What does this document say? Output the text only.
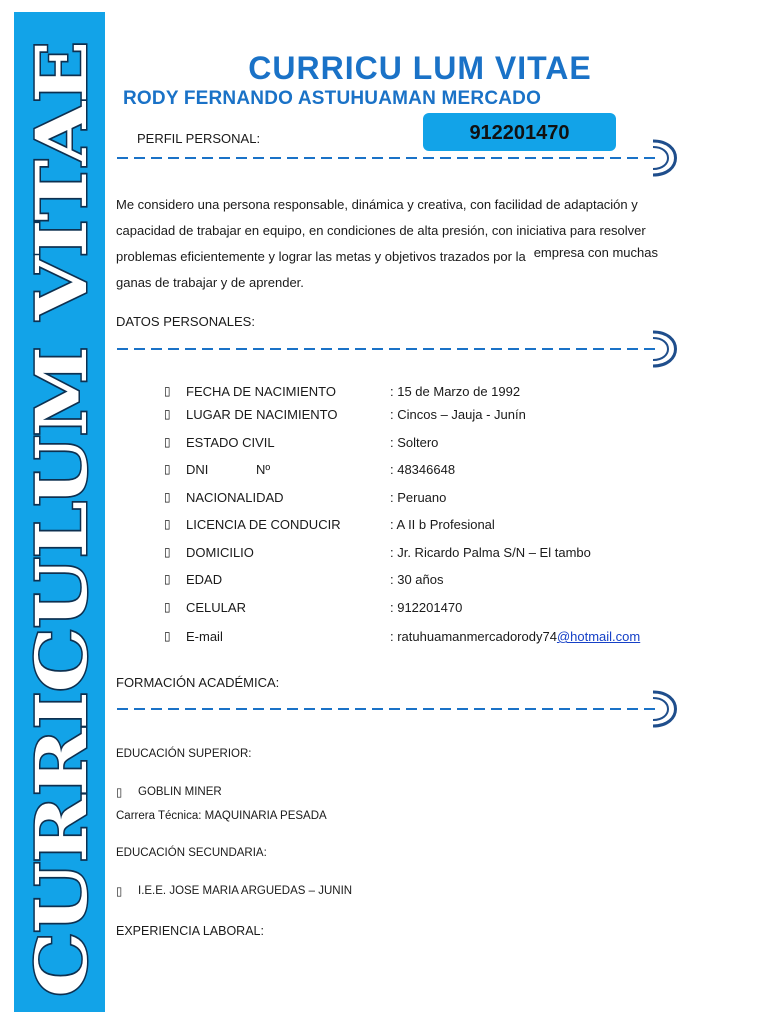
CURRICULUM VITAE
CURRICU LUM VITAE
RODY FERNANDO ASTUHUAMAN MERCADO
912201470
PERFIL PERSONAL:
Me considero una persona responsable, dinámica y creativa, con facilidad de adaptación y
capacidad de trabajar en equipo, en condiciones de alta presión, con iniciativa para resolver
problemas eficientemente y lograr las metas y objetivos trazados por la empresa con muchas
ganas de trabajar y de aprender.
DATOS PERSONALES:
▯ FECHA DE NACIMIENTO	: 15 de Marzo de 1992
▯ LUGAR DE NACIMIENTO	: Cincos – Jauja - Junín
▯ ESTADO CIVIL	: Soltero
▯ DNI	Nº	: 48346648
▯ NACIONALIDAD	: Peruano
▯ LICENCIA DE CONDUCIR	: A II b Profesional
▯ DOMICILIO	: Jr. Ricardo Palma S/N – El tambo
▯ EDAD	: 30 años
▯ CELULAR	: 912201470
▯ E-mail	: ratuhuamanmercadorody74@hotmail.com
FORMACIÓN ACADÉMICA:
EDUCACIÓN SUPERIOR:
▯ GOBLIN MINER
Carrera Técnica: MAQUINARIA PESADA
EDUCACIÓN SECUNDARIA:
▯ I.E.E. JOSE MARIA ARGUEDAS – JUNIN
EXPERIENCIA LABORAL:
